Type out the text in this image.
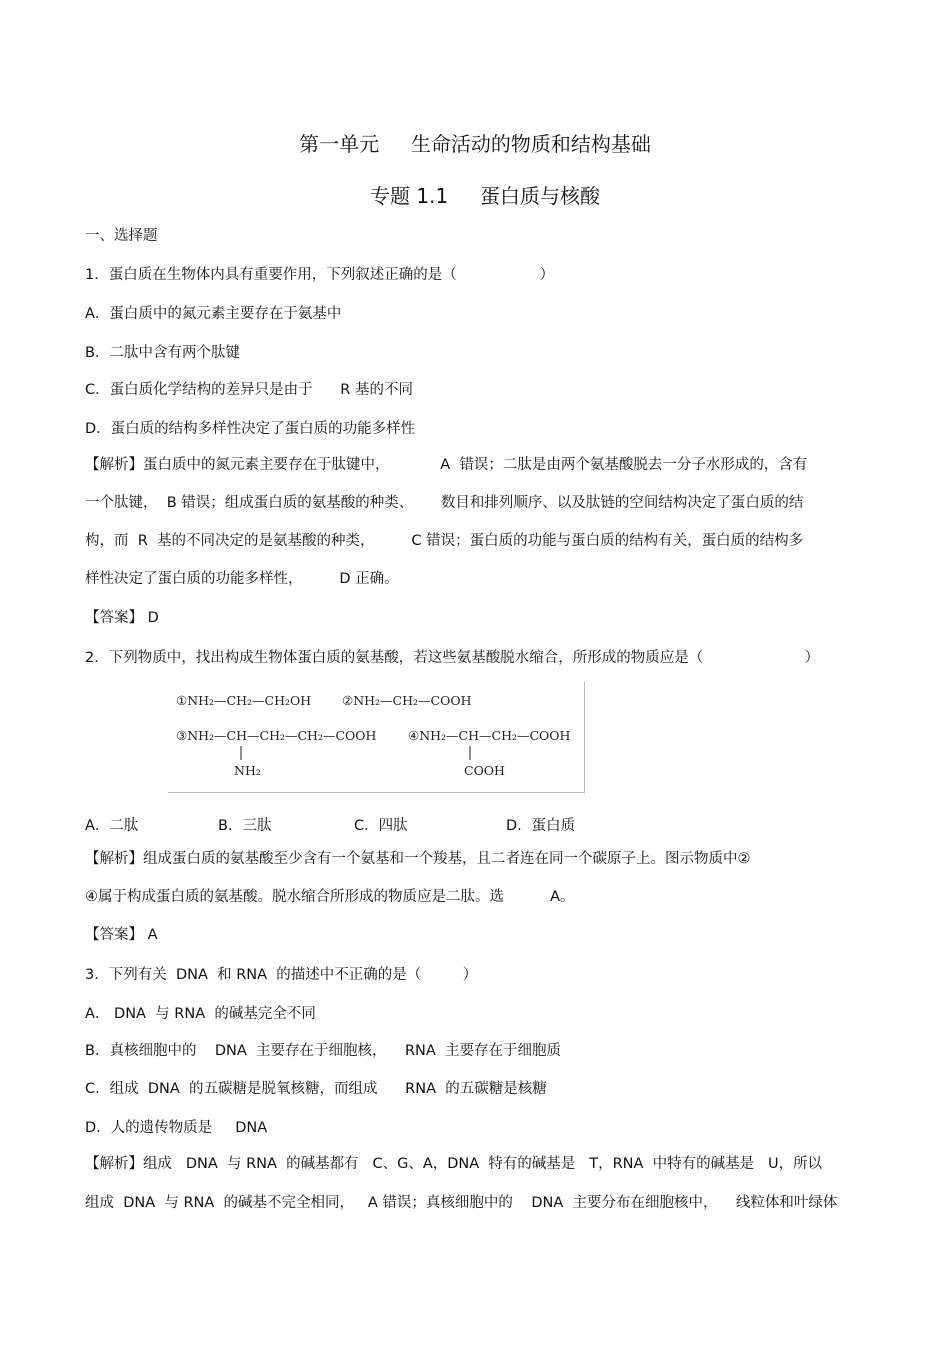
第一单元     生命活动的物质和结构基础
专题 1.1     蛋白质与核酸
一、选择题
1．蛋白质在生物体内具有重要作用，下列叙述正确的是（                  ）
A．蛋白质中的氮元素主要存在于氨基中
B．二肽中含有两个肽键
C．蛋白质化学结构的差异只是由于      R 基的不同
D．蛋白质的结构多样性决定了蛋白质的功能多样性
【解析】蛋白质中的氮元素主要存在于肽键中，           A  错误；二肽是由两个氨基酸脱去一分子水形成的，含有
一个肽键，  B 错误；组成蛋白质的氨基酸的种类、      数目和排列顺序、以及肽链的空间结构决定了蛋白质的结
构，而  R  基的不同决定的是氨基酸的种类，        C 错误；蛋白质的功能与蛋白质的结构有关，蛋白质的结构多
样性决定了蛋白质的功能多样性，        D 正确。
【答案】 D
2．下列物质中，找出构成生物体蛋白质的氨基酸，若这些氨基酸脱水缩合，所形成的物质应是（                      ）
①NH₂—CH₂—CH₂OH ②NH₂—CH₂—COOH
③NH₂—CH—CH₂—CH₂—COOH
NH₂
④NH₂—CH—CH₂—COOH
COOH
A．二肽	B．三肽	C．四肽	D．蛋白质
【解析】组成蛋白质的氨基酸至少含有一个氨基和一个羧基，且二者连在同一个碳原子上。图示物质中②
④属于构成蛋白质的氨基酸。脱水缩合所形成的物质应是二肽。选          A。
【答案】 A
3．下列有关  DNA  和 RNA  的描述中不正确的是（         ）
A． DNA  与 RNA  的碱基完全不同
B．真核细胞中的    DNA  主要存在于细胞核，    RNA  主要存在于细胞质
C．组成  DNA  的五碳糖是脱氧核糖，而组成      RNA  的五碳糖是核糖
D．人的遗传物质是     DNA
【解析】组成   DNA  与 RNA  的碱基都有   C、G、A，DNA  特有的碱基是   T，RNA  中特有的碱基是   U，所以
组成  DNA  与 RNA  的碱基不完全相同，   A 错误；真核细胞中的    DNA  主要分布在细胞核中，    线粒体和叶绿体
